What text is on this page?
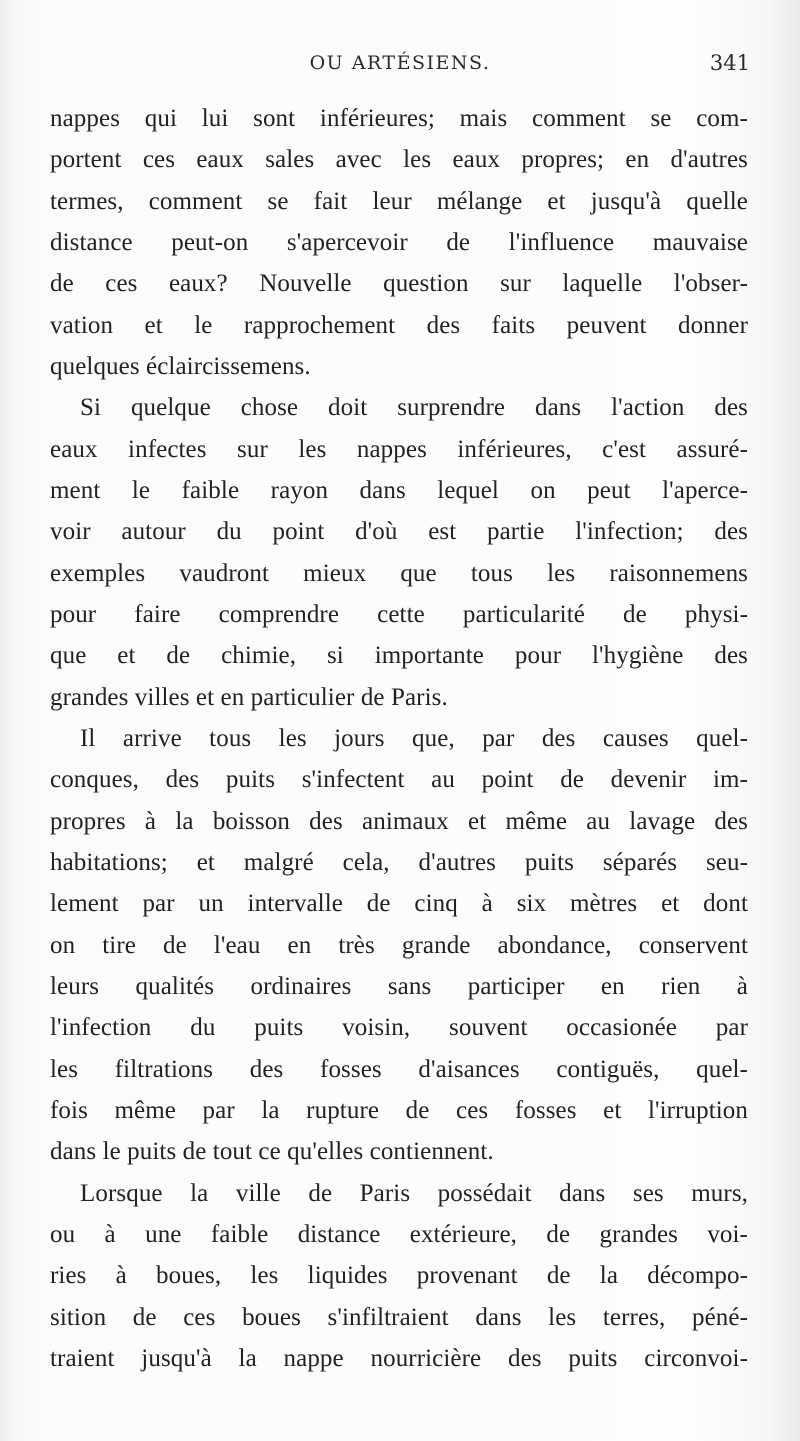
OU ARTÉSIENS.	341
nappes qui lui sont inférieures; mais comment se com-
portent ces eaux sales avec les eaux propres; en d'autres
termes, comment se fait leur mélange et jusqu'à quelle
distance peut-on s'apercevoir de l'influence mauvaise
de ces eaux? Nouvelle question sur laquelle l'obser-
vation et le rapprochement des faits peuvent donner
quelques éclaircissemens.
Si quelque chose doit surprendre dans l'action des
eaux infectes sur les nappes inférieures, c'est assuré-
ment le faible rayon dans lequel on peut l'aperce-
voir autour du point d'où est partie l'infection; des
exemples vaudront mieux que tous les raisonnemens
pour faire comprendre cette particularité de physi-
que et de chimie, si importante pour l'hygiène des
grandes villes et en particulier de Paris.
Il arrive tous les jours que, par des causes quel-
conques, des puits s'infectent au point de devenir im-
propres à la boisson des animaux et même au lavage des
habitations; et malgré cela, d'autres puits séparés seu-
lement par un intervalle de cinq à six mètres et dont
on tire de l'eau en très grande abondance, conservent
leurs qualités ordinaires sans participer en rien à
l'infection du puits voisin, souvent occasionée par
les filtrations des fosses d'aisances contiguës, quel-
fois même par la rupture de ces fosses et l'irruption
dans le puits de tout ce qu'elles contiennent.
Lorsque la ville de Paris possédait dans ses murs,
ou à une faible distance extérieure, de grandes voi-
ries à boues, les liquides provenant de la décompo-
sition de ces boues s'infiltraient dans les terres, péné-
traient jusqu'à la nappe nourricière des puits circonvoi-
